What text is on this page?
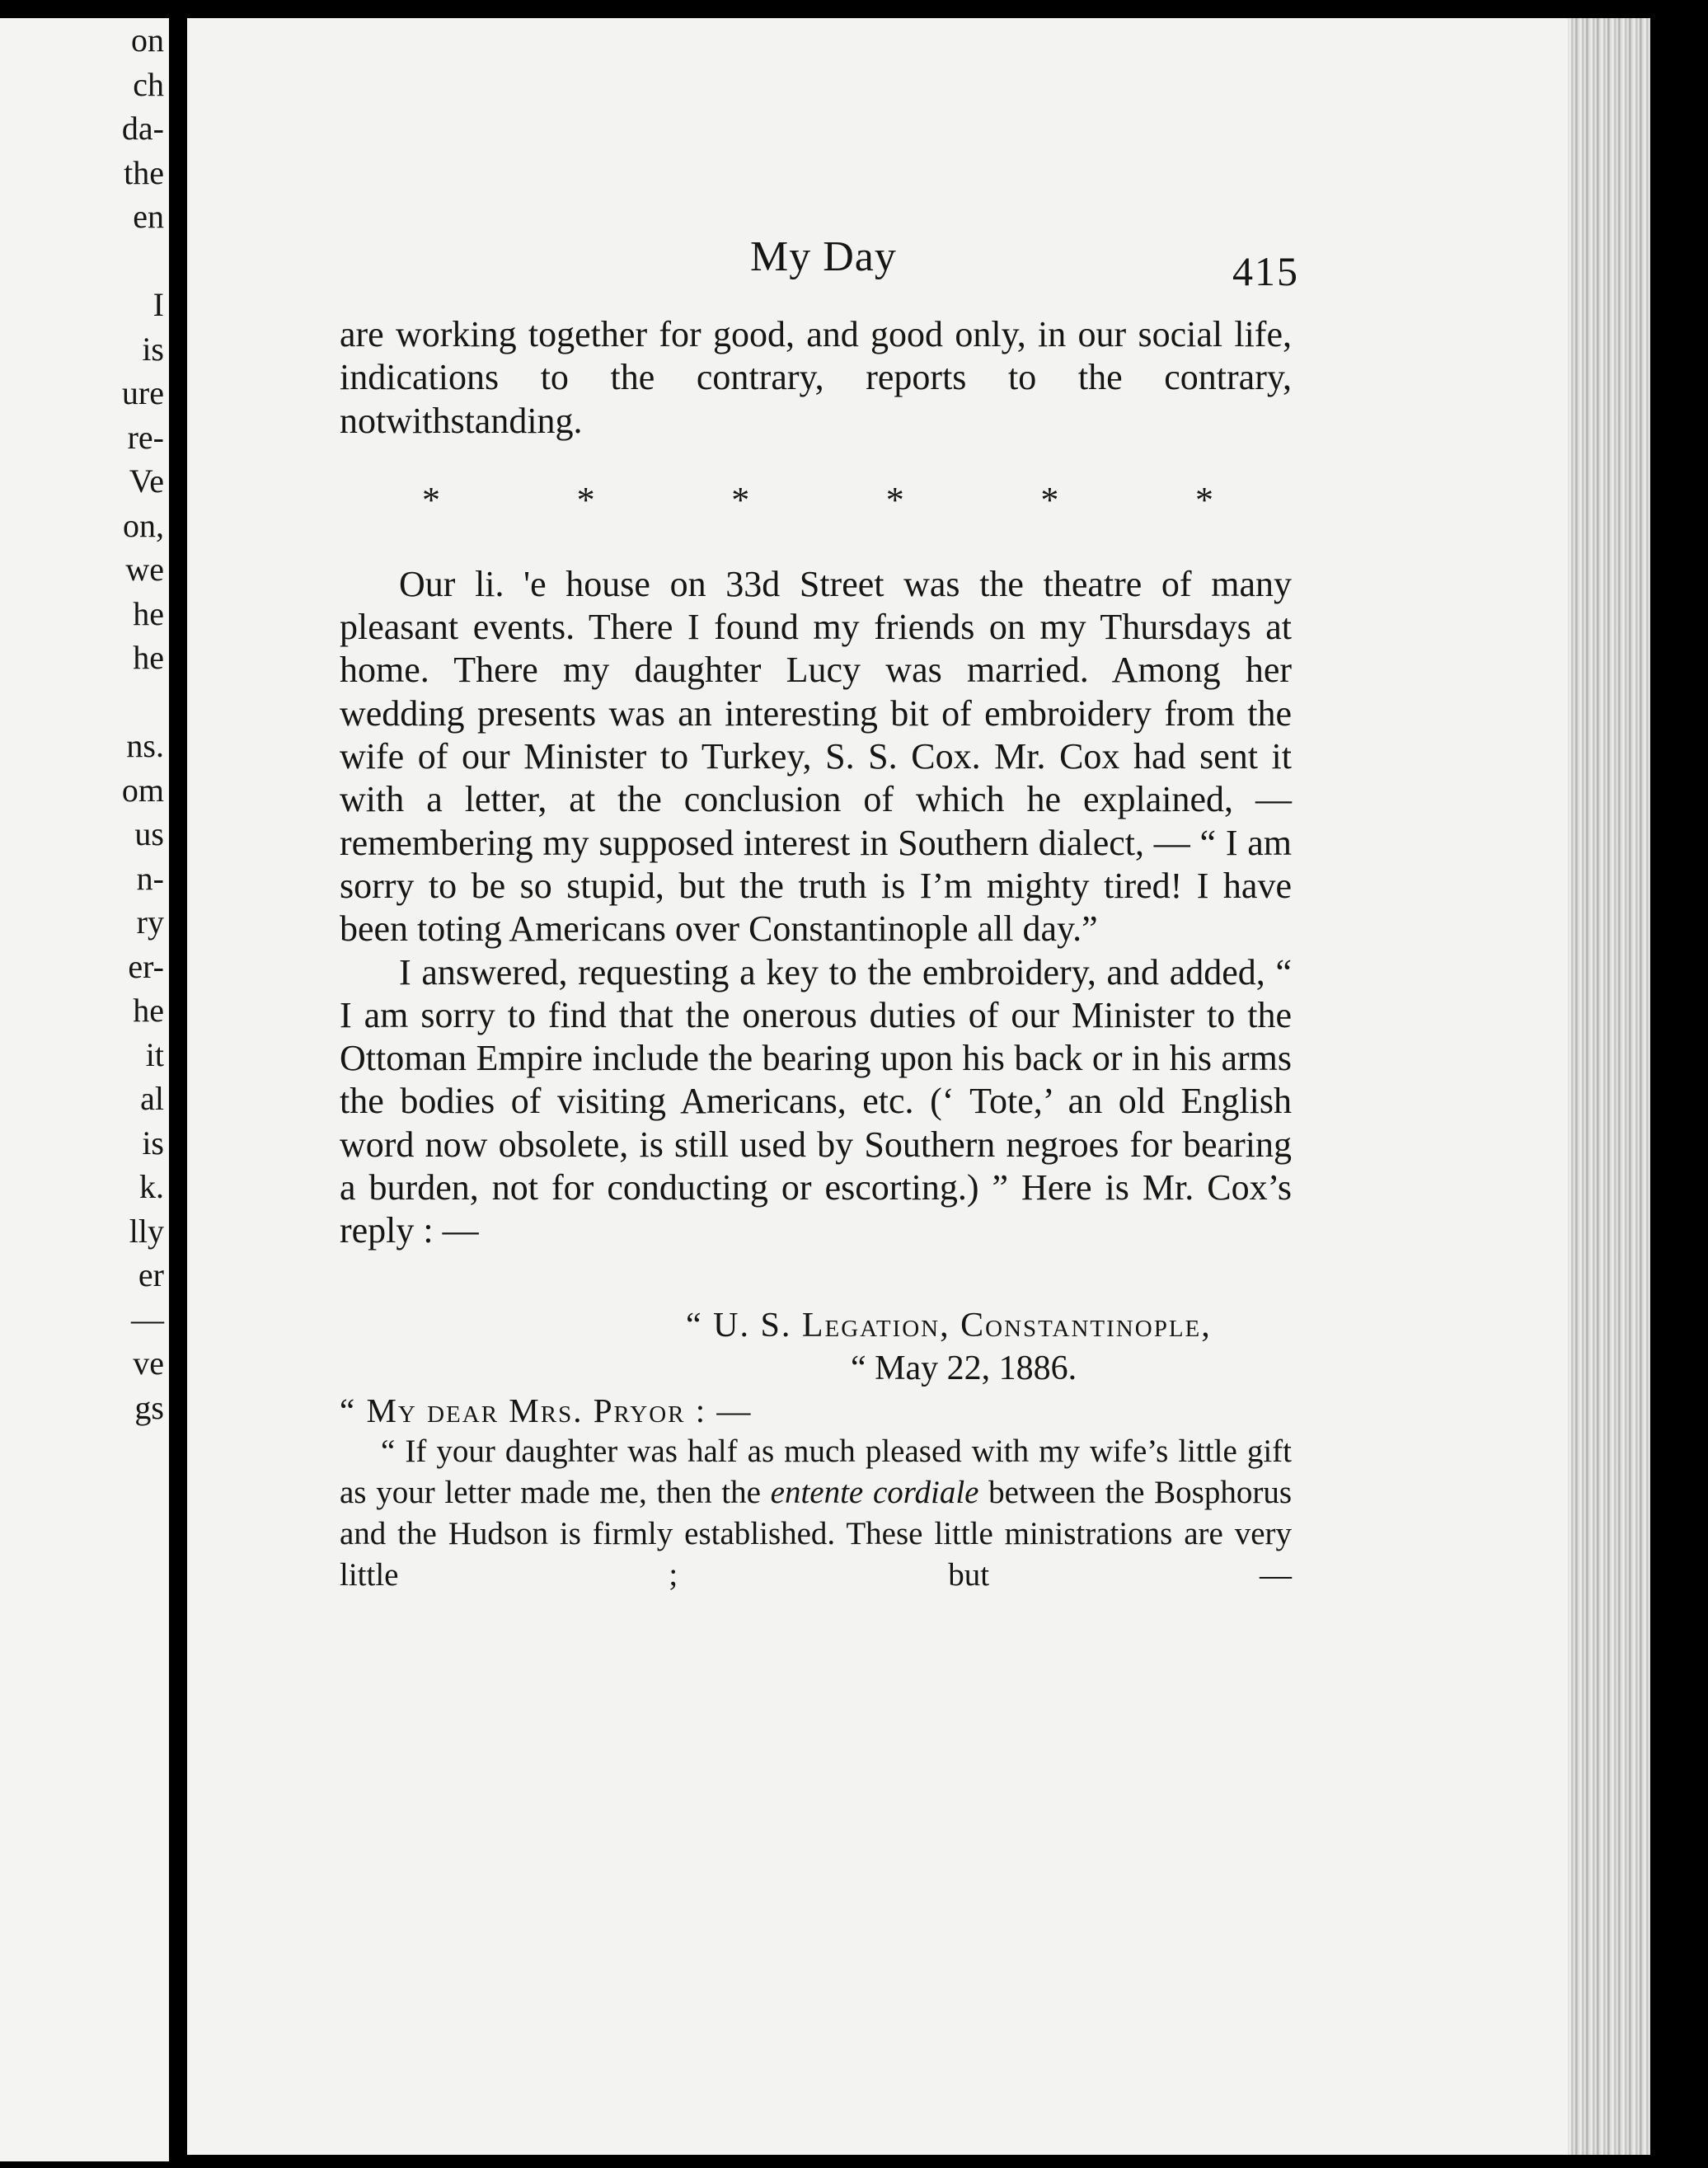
on
ch
da-
the
en
I
is
ure
re-
Ve
on,
we
he
he
ns.
om
us
n-
ry
er-
he
it
al
is
k.
lly
er
—
ve
gs
My Day	415

are working together for good, and good only, in our social life, indications to the contrary, reports to the contrary, notwithstanding.

*	*	*	*	*	*

Our li. 'e house on 33d Street was the theatre of many pleasant events. There I found my friends on my Thursdays at home. There my daughter Lucy was married. Among her wedding presents was an interesting bit of embroidery from the wife of our Minister to Turkey, S. S. Cox. Mr. Cox had sent it with a letter, at the conclusion of which he explained, — remembering my supposed interest in Southern dialect, — “ I am sorry to be so stupid, but the truth is I’m mighty tired! I have been toting Americans over Constantinople all day.”

I answered, requesting a key to the embroidery, and added, “ I am sorry to find that the onerous duties of our Minister to the Ottoman Empire include the bearing upon his back or in his arms the bodies of visiting Americans, etc. (‘ Tote,’ an old English word now obsolete, is still used by Southern negroes for bearing a burden, not for conducting or escorting.) ” Here is Mr. Cox’s reply : —

“ U. S. Legation, Constantinople,
“ May 22, 1886.

“ My dear Mrs. Pryor : —

“ If your daughter was half as much pleased with my wife’s little gift as your letter made me, then the entente cordiale between the Bosphorus and the Hudson is firmly established. These little ministrations are very little ; but —
